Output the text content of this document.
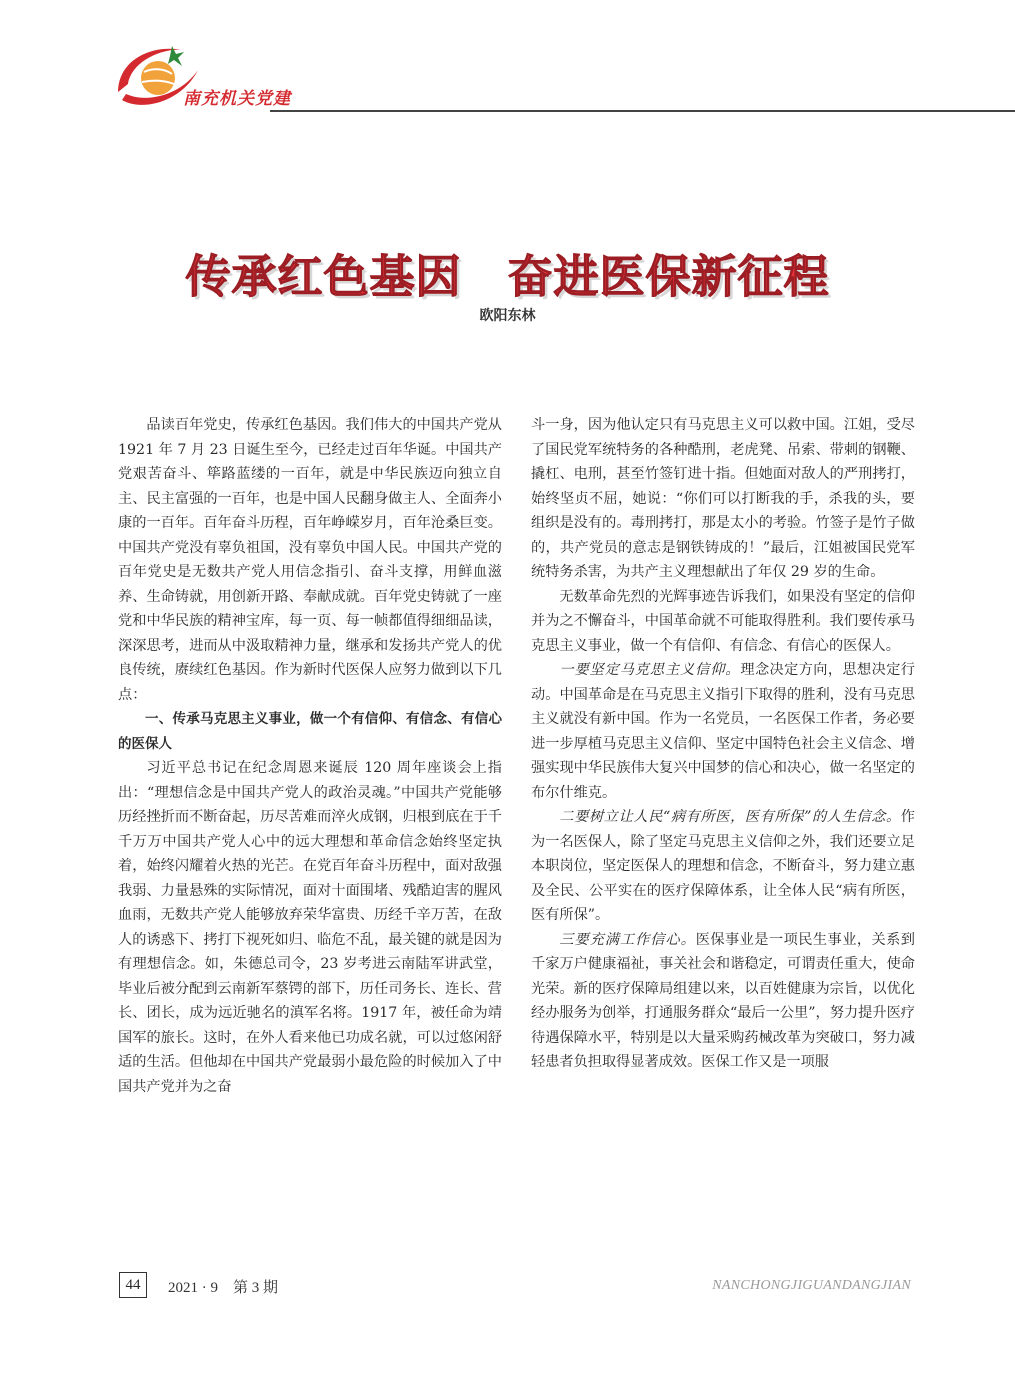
南充机关党建
传承红色基因　奋进医保新征程
欧阳东林

品读百年党史，传承红色基因。我们伟大的中国共产党从 1921 年 7 月 23 日诞生至今，已经走过百年华诞。中国共产党艰苦奋斗、筚路蓝缕的一百年，就是中华民族迈向独立自主、民主富强的一百年，也是中国人民翻身做主人、全面奔小康的一百年。百年奋斗历程，百年峥嵘岁月，百年沧桑巨变。中国共产党没有辜负祖国，没有辜负中国人民。中国共产党的百年党史是无数共产党人用信念指引、奋斗支撑，用鲜血滋养、生命铸就，用创新开路、奉献成就。百年党史铸就了一座党和中华民族的精神宝库，每一页、每一帧都值得细细品读，深深思考，进而从中汲取精神力量，继承和发扬共产党人的优良传统，赓续红色基因。作为新时代医保人应努力做到以下几点：

一、传承马克思主义事业，做一个有信仰、有信念、有信心的医保人

习近平总书记在纪念周恩来诞辰 120 周年座谈会上指出：“理想信念是中国共产党人的政治灵魂。”中国共产党能够历经挫折而不断奋起，历尽苦难而淬火成钢，归根到底在于千千万万中国共产党人心中的远大理想和革命信念始终坚定执着，始终闪耀着火热的光芒。在党百年奋斗历程中，面对敌强我弱、力量悬殊的实际情况，面对十面围堵、残酷迫害的腥风血雨，无数共产党人能够放弃荣华富贵、历经千辛万苦，在敌人的诱惑下、拷打下视死如归、临危不乱，最关键的就是因为有理想信念。如，朱德总司令，23 岁考进云南陆军讲武堂，毕业后被分配到云南新军蔡锷的部下，历任司务长、连长、营长、团长，成为远近驰名的滇军名将。1917 年，被任命为靖国军的旅长。这时，在外人看来他已功成名就，可以过悠闲舒适的生活。但他却在中国共产党最弱小最危险的时候加入了中国共产党并为之奋

斗一身，因为他认定只有马克思主义可以救中国。江姐，受尽了国民党军统特务的各种酷刑，老虎凳、吊索、带刺的钢鞭、撬杠、电刑，甚至竹签钉进十指。但她面对敌人的严刑拷打，始终坚贞不屈，她说：“你们可以打断我的手，杀我的头，要组织是没有的。毒刑拷打，那是太小的考验。竹签子是竹子做的，共产党员的意志是钢铁铸成的！”最后，江姐被国民党军统特务杀害，为共产主义理想献出了年仅 29 岁的生命。

无数革命先烈的光辉事迹告诉我们，如果没有坚定的信仰并为之不懈奋斗，中国革命就不可能取得胜利。我们要传承马克思主义事业，做一个有信仰、有信念、有信心的医保人。

一要坚定马克思主义信仰。理念决定方向，思想决定行动。中国革命是在马克思主义指引下取得的胜利，没有马克思主义就没有新中国。作为一名党员，一名医保工作者，务必要进一步厚植马克思主义信仰、坚定中国特色社会主义信念、增强实现中华民族伟大复兴中国梦的信心和决心，做一名坚定的布尔什维克。

二要树立让人民“病有所医，医有所保”的人生信念。作为一名医保人，除了坚定马克思主义信仰之外，我们还要立足本职岗位，坚定医保人的理想和信念，不断奋斗，努力建立惠及全民、公平实在的医疗保障体系，让全体人民“病有所医，医有所保”。

三要充满工作信心。医保事业是一项民生事业，关系到千家万户健康福祉，事关社会和谐稳定，可谓责任重大，使命光荣。新的医疗保障局组建以来，以百姓健康为宗旨，以优化经办服务为创举，打通服务群众“最后一公里”，努力提升医疗待遇保障水平，特别是以大量采购药械改革为突破口，努力减轻患者负担取得显著成效。医保工作又是一项服

44	2021 · 9　第 3 期	NANCHONGJIGUANDANGJIAN
